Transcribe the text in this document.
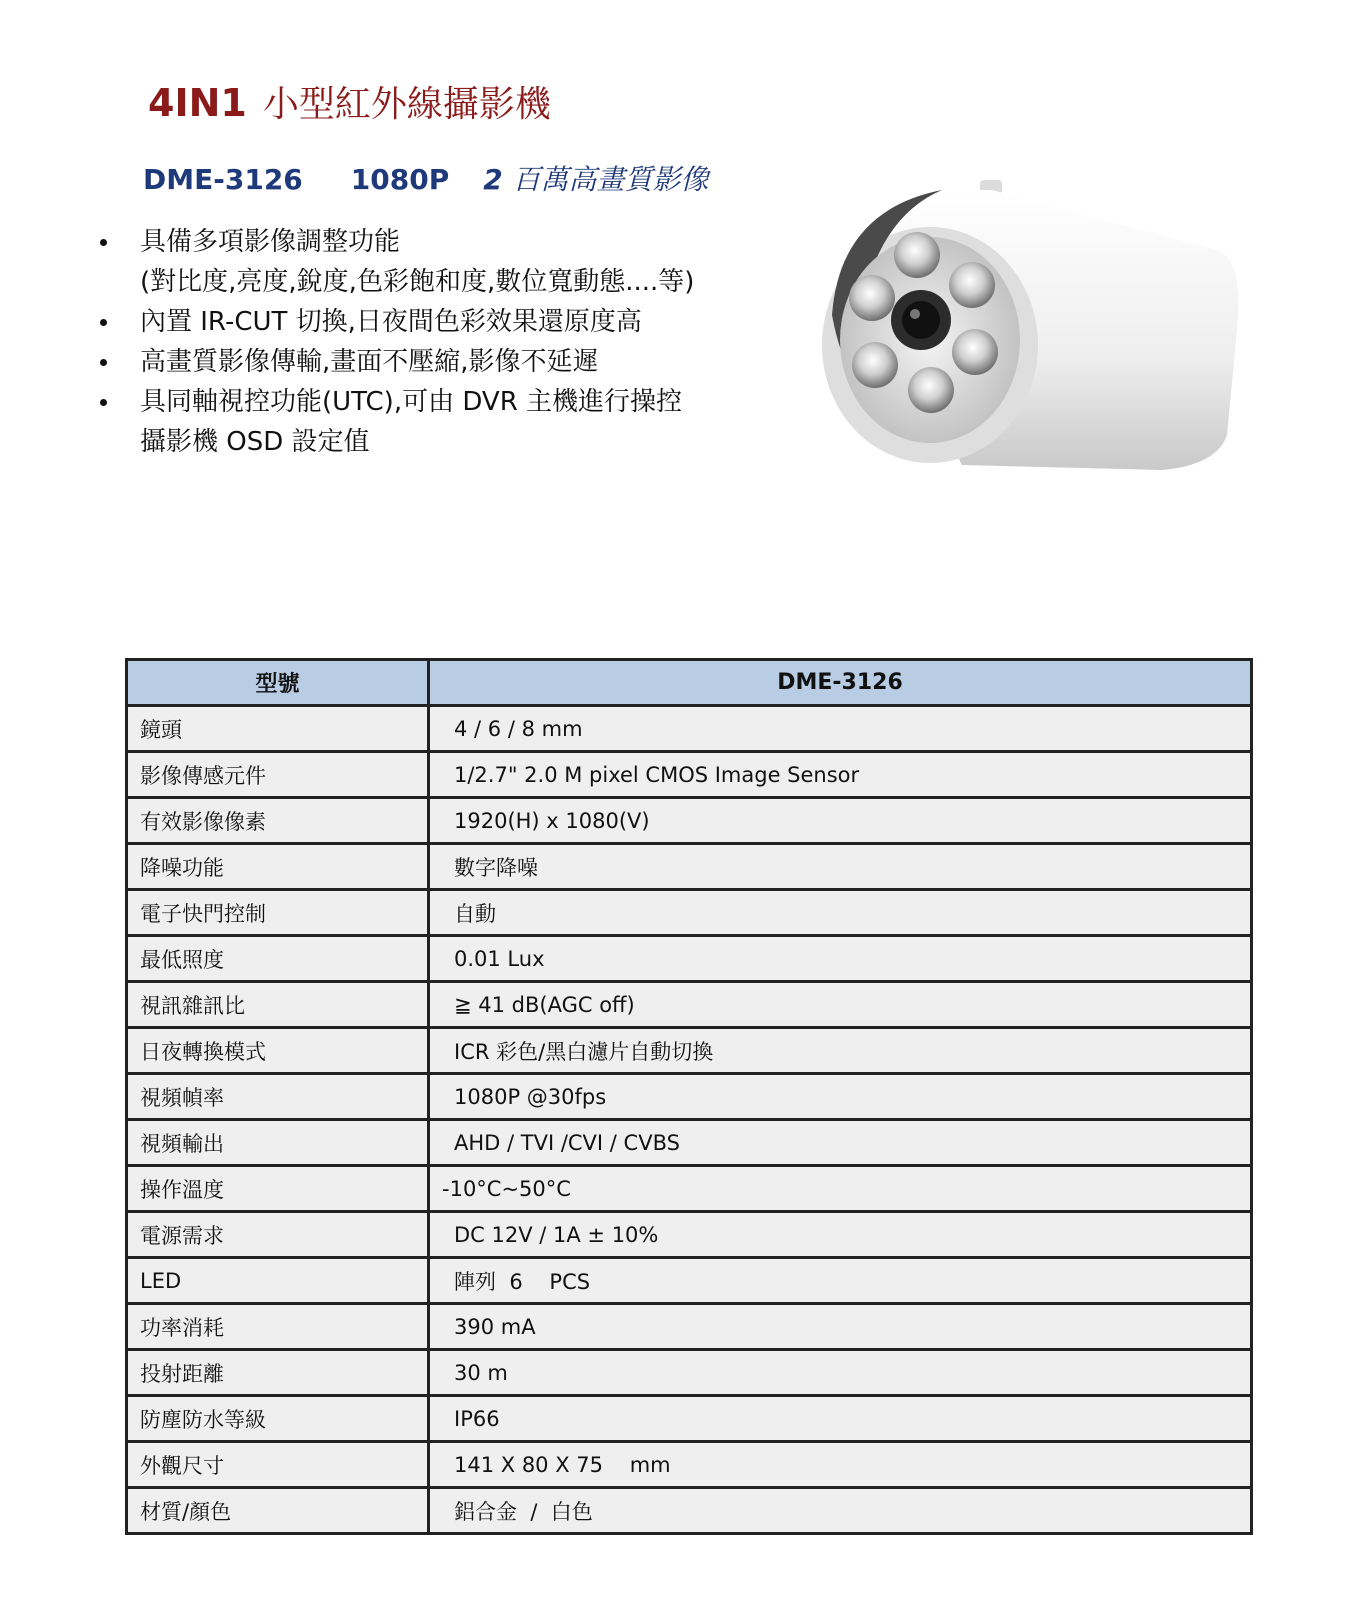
4IN1 小型紅外線攝影機
DME-3126 1080P 2 百萬高畫質影像
具備多項影像調整功能
(對比度,亮度,銳度,色彩飽和度,數位寬動態....等)
內置 IR-CUT 切換,日夜間色彩效果還原度高
高畫質影像傳輸,畫面不壓縮,影像不延遲
具同軸視控功能(UTC),可由 DVR 主機進行操控
攝影機 OSD 設定值
型號	DME-3126
鏡頭	4 / 6 / 8 mm
影像傳感元件	1/2.7" 2.0 M pixel CMOS Image Sensor
有效影像像素	1920(H) x 1080(V)
降噪功能	數字降噪
電子快門控制	自動
最低照度	0.01 Lux
視訊雜訊比	≧ 41 dB(AGC off)
日夜轉換模式	ICR 彩色/黑白濾片自動切換
視頻幀率	1080P @30fps
視頻輸出	AHD / TVI /CVI / CVBS
操作溫度	-10°C~50°C
電源需求	DC 12V / 1A ± 10%
LED	陣列  6    PCS
功率消耗	390 mA
投射距離	30 m
防塵防水等級	IP66
外觀尺寸	141 X 80 X 75    mm
材質/顏色	鋁合金  /  白色
